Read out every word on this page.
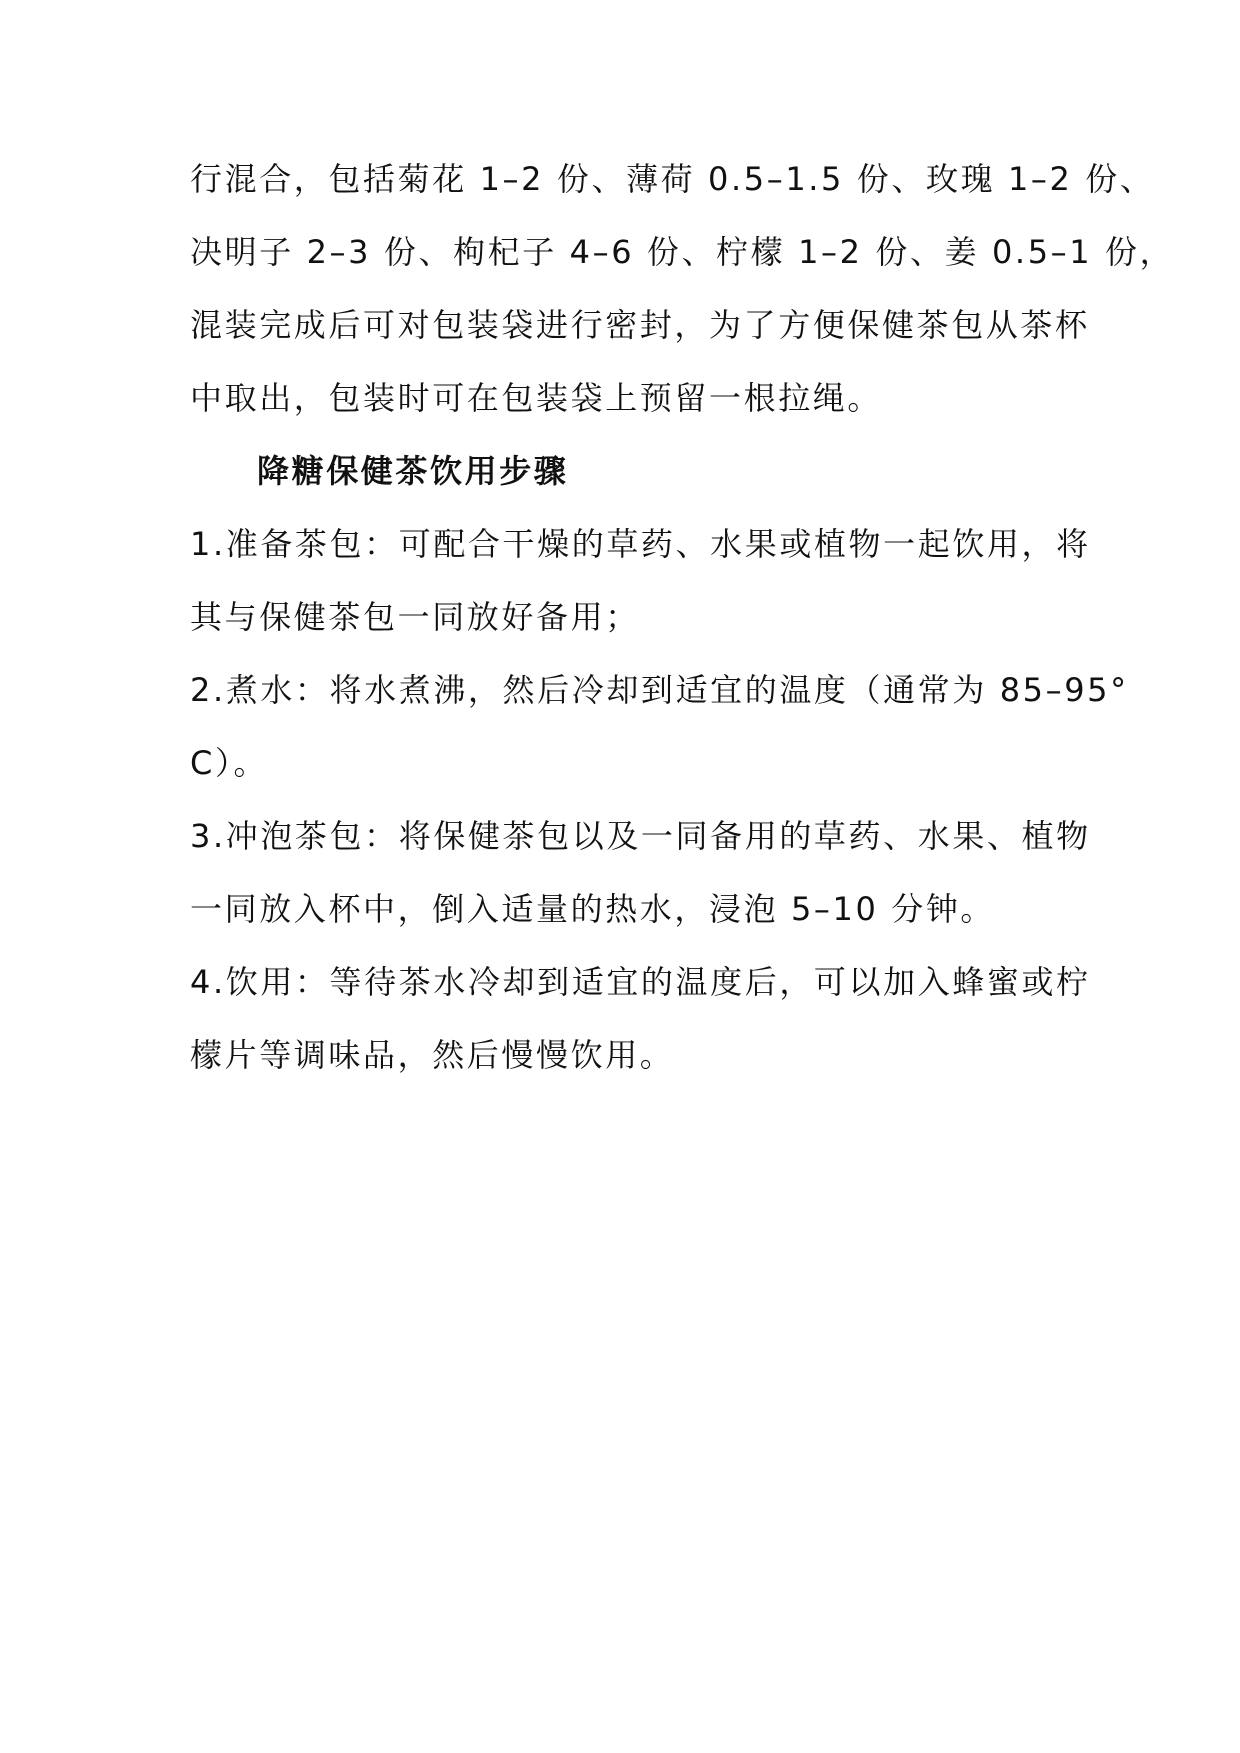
行混合，包括菊花 1–2 份、薄荷 0.5–1.5 份、玫瑰 1–2 份、

决明子 2–3 份、枸杞子 4–6 份、柠檬 1–2 份、姜 0.5–1 份，

混装完成后可对包装袋进行密封，为了方便保健茶包从茶杯

中取出，包装时可在包装袋上预留一根拉绳。

降糖保健茶饮用步骤

1.准备茶包：可配合干燥的草药、水果或植物一起饮用，将

其与保健茶包一同放好备用；

2.煮水：将水煮沸，然后冷却到适宜的温度（通常为 85–95°

C）。

3.冲泡茶包：将保健茶包以及一同备用的草药、水果、植物

一同放入杯中，倒入适量的热水，浸泡 5–10 分钟。

4.饮用：等待茶水冷却到适宜的温度后，可以加入蜂蜜或柠

檬片等调味品，然后慢慢饮用。
